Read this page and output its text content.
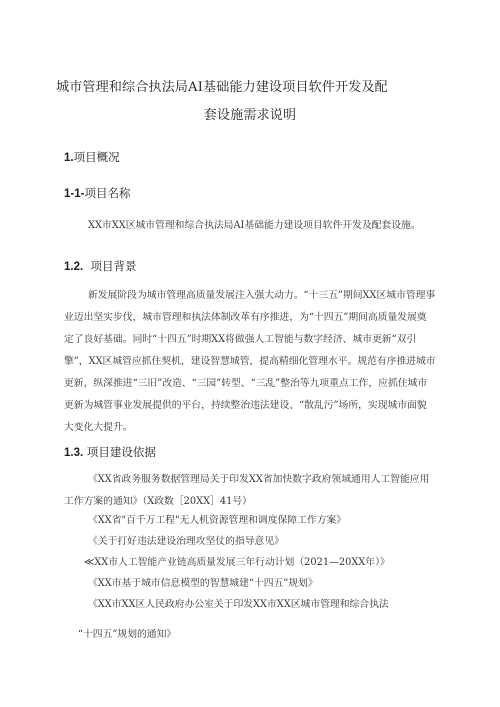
城市管理和综合执法局AI基础能力建设项目软件开发及配
套设施需求说明
1.项目概况
1-1-项目名称
XX市XX区城市管理和综合执法局AI基础能力建设项目软件开发及配套设施。
1.2. 项目背景
新发展阶段为城市管理高质量发展注入强大动力。“十三五”期间XX区城市管理事业迈出坚实步伐，城市管理和执法体制改革有序推进，为“十四五”期间高质量发展奠定了良好基础。同时“十四五”时期XX将做强人工智能与数字经济、城市更新“双引擎”，XX区城管应抓住契机，建设智慧城管，提高精细化管理水平。规范有序推进城市更新，纵深推进“三旧”改造、“三园”转型、“三乱”整治等九项重点工作，应抓住城市更新为城管事业发展提供的平台，持续整治违法建设、“散乱污”场所，实现城市面貌大变化大提升。
1.3. 项目建设依据
《XX省政务服务数据管理局关于印发XX省加快数字政府领域通用人工智能应用工作方案的通知》（X政数［20XX］41号）
《XX省"百千万工程"无人机资源管理和调度保障工作方案》
《关于打好违法建设治理攻坚仗的指导意见》
≪XX市人工智能产业链高质量发展三年行动计划（2021—20XX年）》
《XX市基于城市信息模型的智慧城建“十四五”规划》
《XX市XX区人民政府办公室关于印发XX市XX区城市管理和综合执法
“十四五”规划的通知》
